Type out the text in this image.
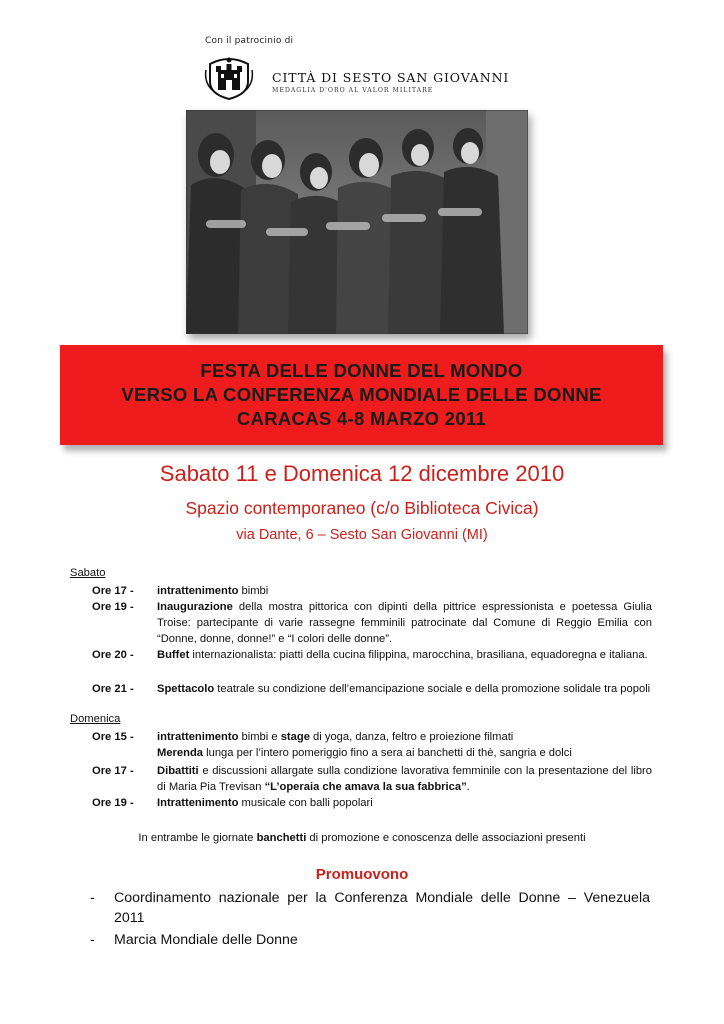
Con il patrocinio di
CITTÀ DI SESTO SAN GIOVANNI
MEDAGLIA D'ORO AL VALOR MILITARE
FESTA DELLE DONNE DEL MONDO
VERSO LA CONFERENZA MONDIALE DELLE DONNE
CARACAS 4-8 MARZO 2011
Sabato 11 e Domenica 12 dicembre 2010
Spazio contemporaneo (c/o Biblioteca Civica)
via Dante, 6 – Sesto San Giovanni (MI)
Sabato
Ore 17 - intrattenimento bimbi
Ore 19 - Inaugurazione della mostra pittorica con dipinti della pittrice espressionista e poetessa Giulia Troise: partecipante di varie rassegne femminili patrocinate dal Comune di Reggio Emilia con “Donne, donne, donne!” e “I colori delle donne”.
Ore 20 - Buffet internazionalista: piatti della cucina filippina, marocchina, brasiliana, equadoregna e italiana.
Ore 21 - Spettacolo teatrale su condizione dell’emancipazione sociale e della promozione solidale tra popoli
Domenica
Ore 15 - intrattenimento bimbi e stage di yoga, danza, feltro e proiezione filmati
Merenda lunga per l’intero pomeriggio fino a sera ai banchetti di thè, sangria e dolci
Ore 17 - Dibattiti e discussioni allargate sulla condizione lavorativa femminile con la presentazione del libro di Maria Pia Trevisan “L’operaia che amava la sua fabbrica”.
Ore 19 - Intrattenimento musicale con balli popolari
In entrambe le giornate banchetti di promozione e conoscenza delle associazioni presenti
Promuovono
- Coordinamento nazionale per la Conferenza Mondiale delle Donne – Venezuela 2011
- Marcia Mondiale delle Donne
